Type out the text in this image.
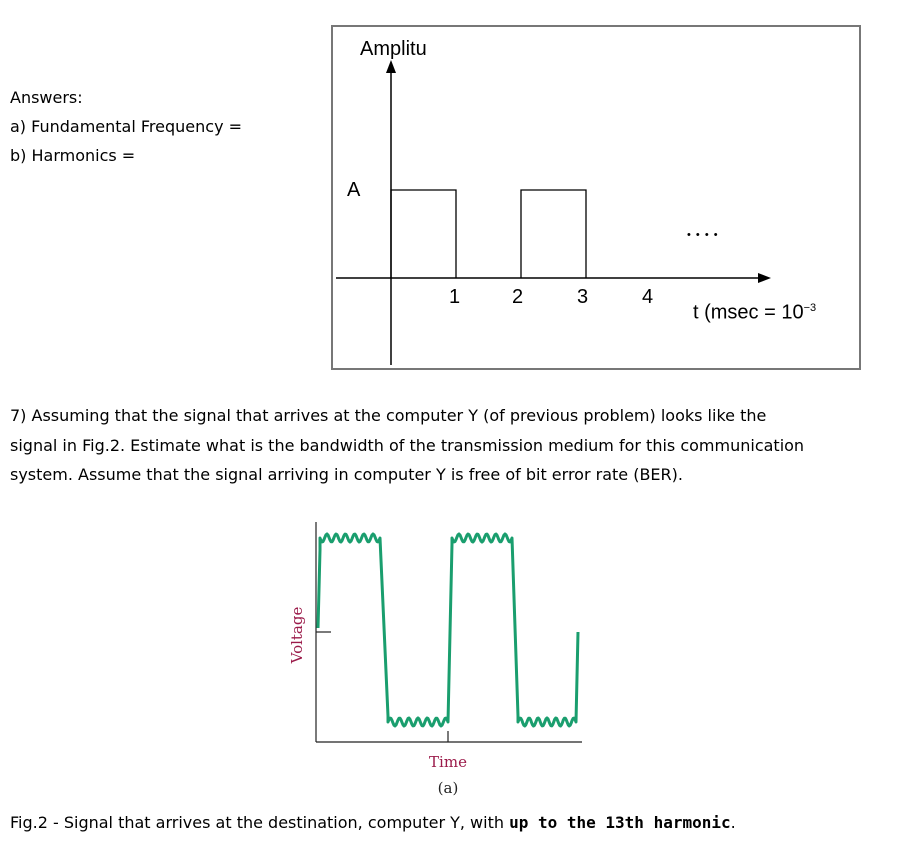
Answers:
a) Fundamental Frequency =
b) Harmonics =
Amplitu
A
1	2	3	4
t ($msec = 10^{-3}$
• • • •
7) Assuming that the signal that arrives at the computer Y (of previous problem) looks like the
signal in Fig.2. Estimate what is the bandwidth of the transmission medium for this communication
system. Assume that the signal arriving in computer Y is free of bit error rate (BER).
Voltage
Time
(a)
Fig.2 - Signal that arrives at the destination, computer Y, with up to the 13th harmonic.
